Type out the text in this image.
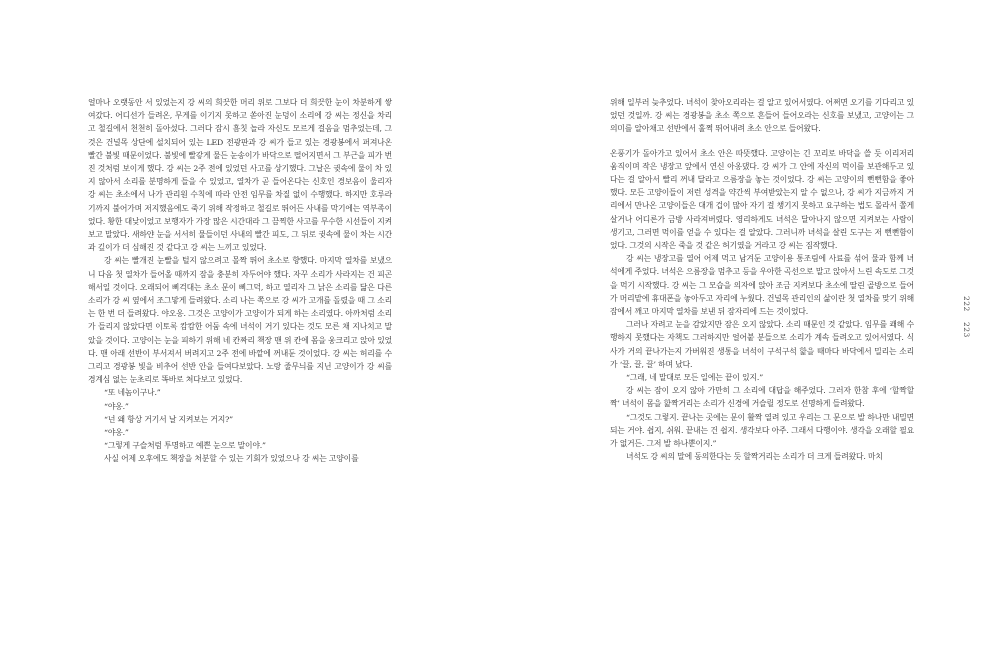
얼마나 오랫동안 서 있었는지 강 씨의 희끗한 머리 위로 그보다 더 희끗한 눈이 차분하게 쌓여갔다. 어디선가 들려온, 무게를 이기지 못하고 쏟아진 눈덩이 소리에 강 씨는 정신을 차리고 철길에서 천천히 돌아섰다. 그러다 잠시 흠칫 놀라 자신도 모르게 걸음을 멈추었는데, 그것은 건널목 상단에 설치되어 있는 LED 전광판과 강 씨가 들고 있는 경광봉에서 퍼져나온 빨간 불빛 때문이었다. 불빛에 빨갛게 물든 눈송이가 바닥으로 떨어지면서 그 부근을 피가 번진 것처럼 보이게 했다. 강 씨는 2주 전에 있었던 사고를 상기했다. 그날은 귓속에 물이 차 있지 않아서 소리를 분명하게 들을 수 있었고, 열차가 곧 들어온다는 신호인 경보음이 울리자 강 씨는 초소에서 나가 관리원 수칙에 따라 안전 임무를 차질 없이 수행했다. 하지만 호루라기까지 불어가며 저지했음에도 죽기 위해 작정하고 철길로 뛰어든 사내를 막기에는 역부족이었다. 황한 대낮이었고 보행자가 가장 많은 시간대라 그 끔찍한 사고를 무수한 시선들이 지켜보고 말았다. 새하얀 눈을 서서히 물들이던 사내의 빨간 피도, 그 뒤로 귓속에 물이 차는 시간과 깊이가 더 심해진 것 같다고 강 씨는 느끼고 있었다.

강 씨는 빨개진 눈빨을 털지 않으려고 몰짝 뛰어 초소로 향했다. 마지막 열차를 보냈으니 다음 첫 열차가 들어올 때까지 잠을 충분히 자두어야 했다. 자꾸 소리가 사라지는 건 피곤해서일 것이다. 오래되어 삐걱대는 초소 문이 삐그덕, 하고 열리자 그 낡은 소리를 닮은 다른 소리가 강 씨 옆에서 조그맣게 들려왔다. 소리 나는 쪽으로 강 씨가 고개를 돌렸을 때 그 소리는 한 번 더 들려왔다. 야오옹. 그것은 고양이가 고양이가 되게 하는 소리였다. 아까처럼 소리가 들리지 않았다면 이토록 캄캄한 어둠 속에 녀석이 거기 있다는 것도 모른 채 지나치고 말았을 것이다. 고양이는 눈을 피하기 위해 네 칸짜리 책장 맨 위 칸에 몸을 웅크리고 앉아 있었다. 맨 아래 선반이 부서져서 버려지고 2주 전에 바깥에 꺼내둔 것이었다. 강 씨는 허리를 수그리고 경광봉 빛을 비추어 선반 안을 들여다보았다. 노랑 줄무늬를 지닌 고양이가 강 씨를 경계심 없는 눈초리로 똑바로 쳐다보고 있었다.

“또 네놈이구나.”

“야옹.”

“넌 왜 항상 거기서 날 지켜보는 거지?”

“야옹.”

“그렇게 구슬처럼 투명하고 예쁜 눈으로 말이야.”

사실 어제 오후에도 책장을 처분할 수 있는 기회가 있었으나 강 씨는 고양이를

위해 일부러 늦추었다. 녀석이 찾아오리라는 걸 알고 있어서였다. 어쩌면 오기를 기다리고 있었던 것일까. 강 씨는 경광봉을 초소 쪽으로 흔들어 들어오라는 신호를 보냈고, 고양이는 그 의미를 알아채고 선반에서 훌쩍 뛰어내려 초소 안으로 들어왔다.

온풍기가 돌아가고 있어서 초소 안은 따뜻했다. 고양이는 긴 꼬리로 바닥을 쓸 듯 이리저리 움직이며 작은 냉장고 앞에서 연신 아옹댔다. 강 씨가 그 안에 자신의 먹이를 보관해두고 있다는 걸 알아서 빨리 꺼내 달라고 으름장을 놓는 것이었다. 강 씨는 고양이의 뻔뻔함을 좋아했다. 모든 고양이들이 저런 성격을 약간씩 부여받았는지 알 수 없으나, 강 씨가 지금까지 거리에서 만나온 고양이들은 대개 겁이 많아 자기 걸 챙기지 못하고 요구하는 법도 몰라서 쫄게 살거나 어디론가 금방 사라져버렸다. 영리하게도 녀석은 달아나지 않으면 지켜보는 사람이 생기고, 그러면 먹이를 얻을 수 있다는 걸 알았다. 그러니까 녀석을 살린 도구는 저 뻔뻔함이었다. 그것의 시작은 죽을 것 같은 허기였을 거라고 강 씨는 짐작했다.

강 씨는 냉장고를 열어 어제 먹고 남겨둔 고양이용 통조림에 사료를 섞어 물과 함께 녀석에게 주었다. 녀석은 으름장을 멈추고 등을 우아한 곡선으로 말고 앉아서 느린 속도로 그것을 먹기 시작했다. 강 씨는 그 모습을 의자에 앉아 조금 지켜보다 초소에 딸린 골방으로 들어가 머리맡에 휴대폰을 놓아두고 자리에 누웠다. 건널목 관리인의 삶이란 첫 열차를 맞기 위해 잠에서 깨고 마지막 열차를 보낸 뒤 잠자리에 드는 것이었다.

그러나 자려고 눈을 감았지만 잠은 오지 않았다. 소리 때문인 것 같았다. 임무를 쾌해 수행하지 못했다는 자책도 그러하지만 얼어붙 분들으로 소리가 계속 들려오고 있어서였다. 식사가 거의 끝나가는지 가버워진 생통을 녀석이 구석구석 핥을 때마다 바닥에서 밀리는 소리가 ‘끌, 끌, 끌’ 하며 났다.

“그래, 네 말대로 모든 일에는 끝이 있지.”

강 씨는 잠이 오지 않아 가만히 그 소리에 대답을 해주었다. 그러자 한참 후에 ‘할짝할짝’ 녀석이 몸을 핥짝거리는 소리가 신경에 거슬릴 정도로 선명하게 들려왔다.

“그것도 그렇지. 끝나는 곳에는 문이 활짝 열려 있고 우리는 그 문으로 발 하나만 내밀면 되는 거야. 쉽지, 쉬워. 끝내는 건 쉽지. 생각보다 아주. 그래서 다행이야. 생각을 오래할 필요가 없거든. 그저 발 하나뿐이지.”

녀석도 강 씨의 말에 동의한다는 듯 할짝거리는 소리가 더 크게 들려왔다. 마치

222
223
